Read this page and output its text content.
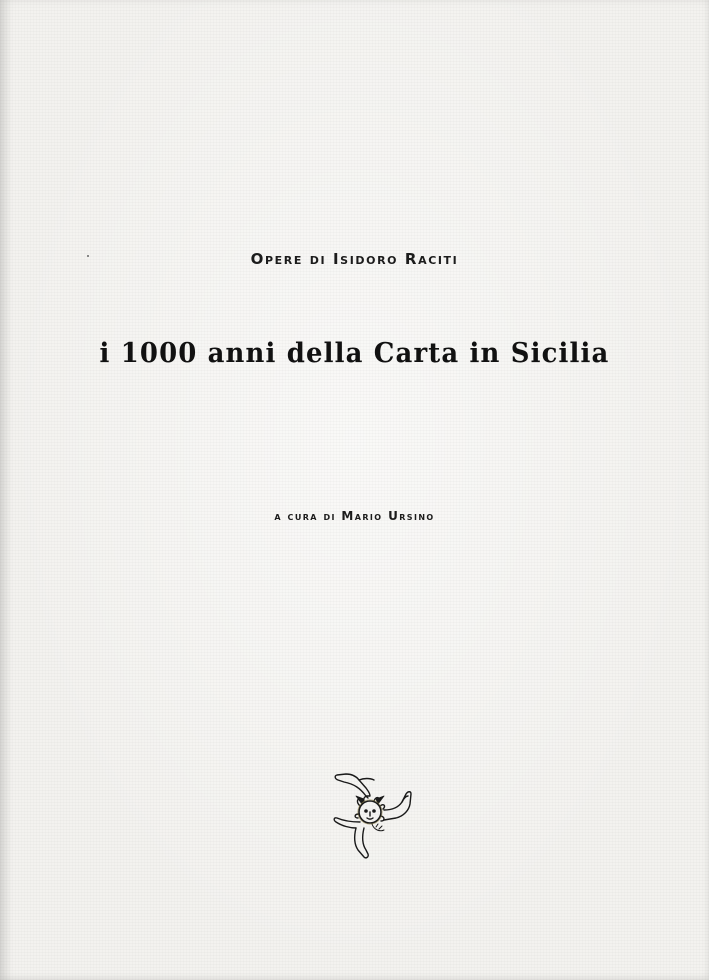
Opere di Isidoro Raciti
i 1000 anni della Carta in Sicilia
a cura di Mario Ursino
